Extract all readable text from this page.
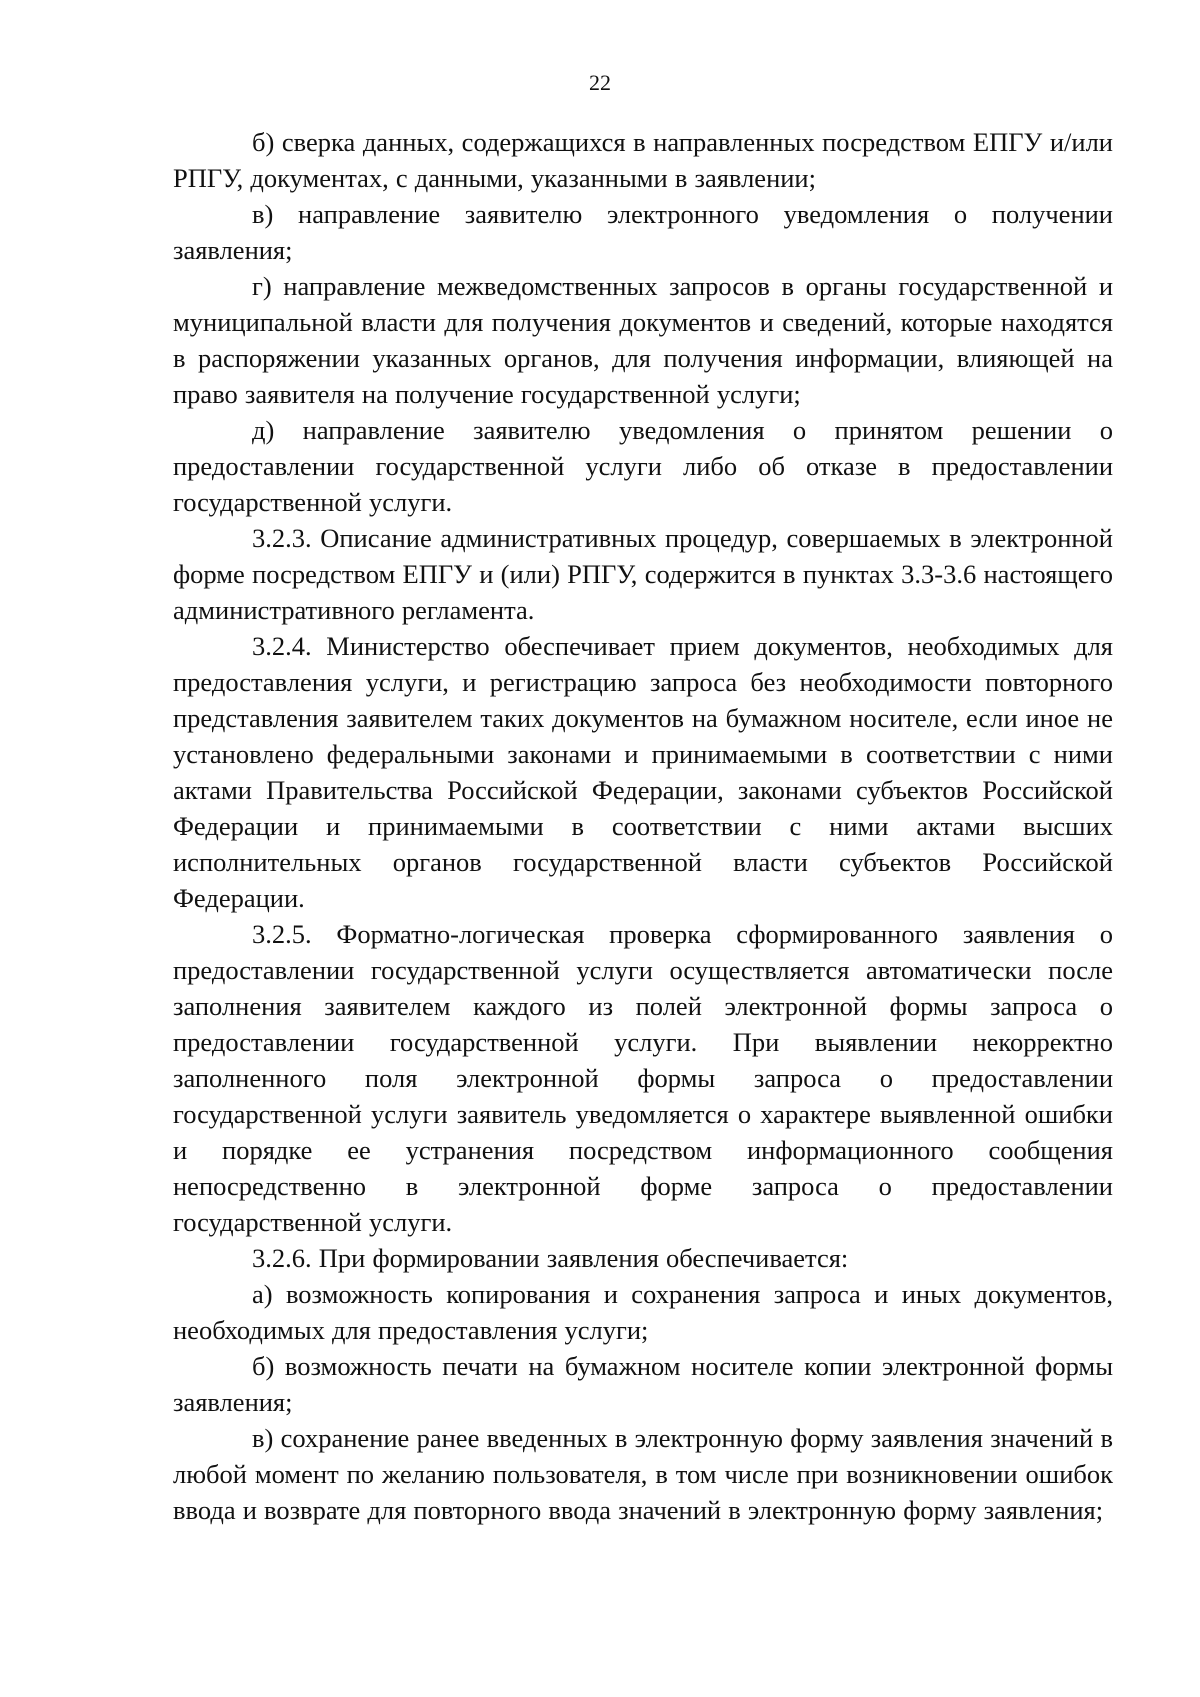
22

б) сверка данных, содержащихся в направленных посредством ЕПГУ и/или РПГУ, документах, с данными, указанными в заявлении;

в) направление заявителю электронного уведомления о получении заявления;

г) направление межведомственных запросов в органы государственной и муниципальной власти для получения документов и сведений, которые находятся в распоряжении указанных органов, для получения информации, влияющей на право заявителя на получение государственной услуги;

д) направление заявителю уведомления о принятом решении о предоставлении государственной услуги либо об отказе в предоставлении государственной услуги.

3.2.3. Описание административных процедур, совершаемых в электронной форме посредством ЕПГУ и (или) РПГУ, содержится в пунктах 3.3-3.6 настоящего административного регламента.

3.2.4. Министерство обеспечивает прием документов, необходимых для предоставления услуги, и регистрацию запроса без необходимости повторного представления заявителем таких документов на бумажном носителе, если иное не установлено федеральными законами и принимаемыми в соответствии с ними актами Правительства Российской Федерации, законами субъектов Российской Федерации и принимаемыми в соответствии с ними актами высших исполнительных органов государственной власти субъектов Российской Федерации.

3.2.5. Форматно-логическая проверка сформированного заявления о предоставлении государственной услуги осуществляется автоматически после заполнения заявителем каждого из полей электронной формы запроса о предоставлении государственной услуги. При выявлении некорректно заполненного поля электронной формы запроса о предоставлении государственной услуги заявитель уведомляется о характере выявленной ошибки и порядке ее устранения посредством информационного сообщения непосредственно в электронной форме запроса о предоставлении государственной услуги.

3.2.6. При формировании заявления обеспечивается:

а) возможность копирования и сохранения запроса и иных документов, необходимых для предоставления услуги;

б) возможность печати на бумажном носителе копии электронной формы заявления;

в) сохранение ранее введенных в электронную форму заявления значений в любой момент по желанию пользователя, в том числе при возникновении ошибок ввода и возврате для повторного ввода значений в электронную форму заявления;
